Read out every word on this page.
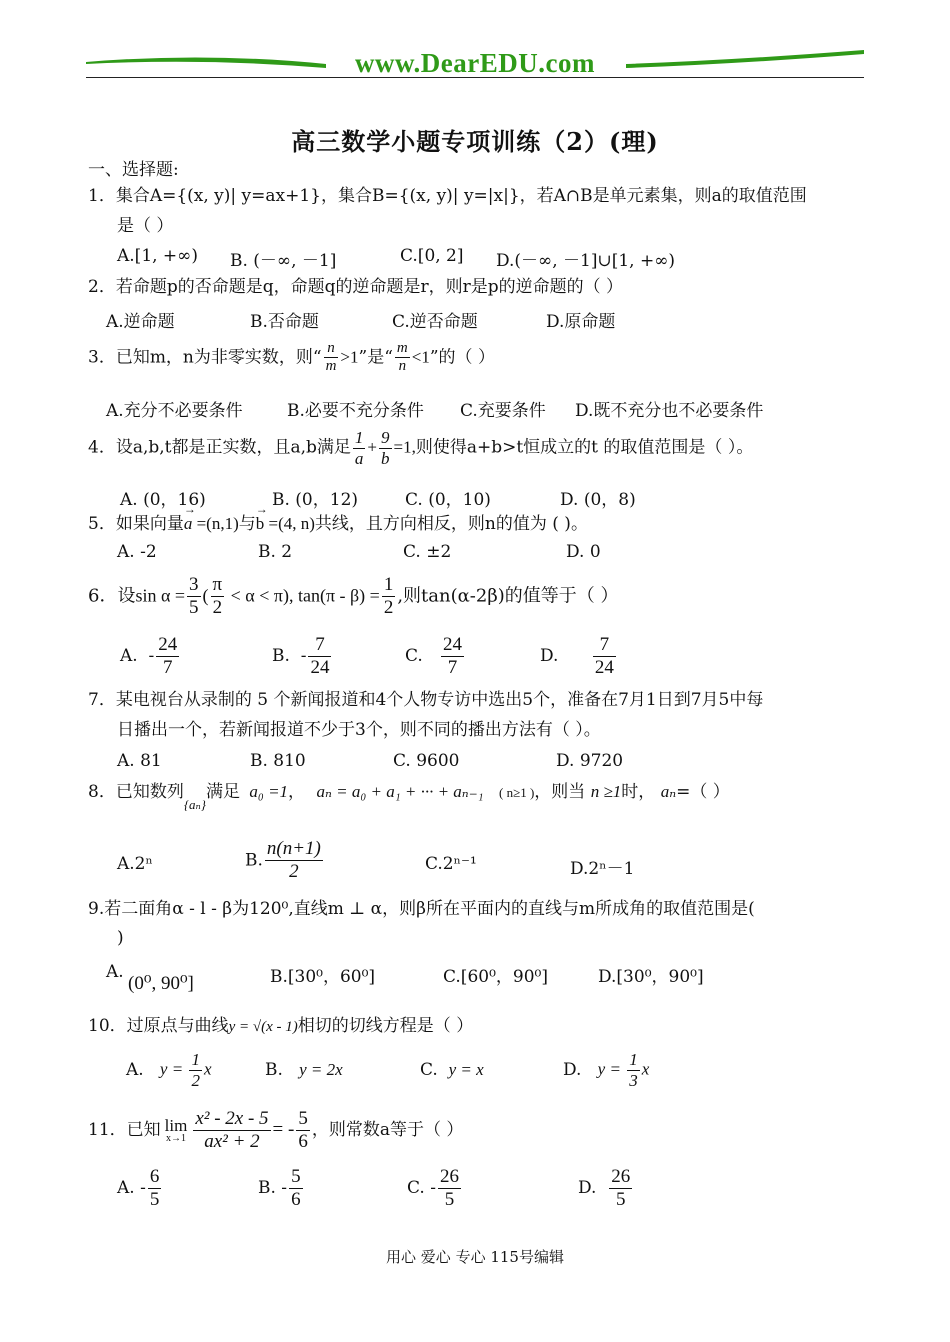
www.DearEDU.com
高三数学小题专项训练（2）(理)
一、选择题:
1．集合A={(x, y)| y=ax+1}，集合B={(x, y)| y=|x|}，若A∩B是单元素集，则a的取值范围
是（ ）
A.[1, +∞) B. (－∞, －1]	C.[0, 2] D.(－∞, －1]∪[1, +∞)
2．若命题p的否命题是q，命题q的逆命题是r，则r是p的逆命题的（ ）
A.逆命题	B.否命题	C.逆否命题	D.原命题
3．已知m，n为非零实数，则“ $\frac{n}{m} >1$”是“ $\frac{m}{n} <1$”的（ ）
A.充分不必要条件	B.必要不充分条件 C.充要条件 D.既不充分也不必要条件
4．设a,b,t都是正实数，且a,b满足 $\frac{1}{a} + \frac{9}{b} =1$,则使得a+b>t恒成立的t 的取值范围是（ ）。
A. (0，16)	B. (0，12)	C. (0，10)	D. (0，8)
5．如果向量→ a =(n,1)与→ b =(4, n)共线，且方向相反，则n的值为 ( )。
A. -2	B. 2	C. ±2	D. 0
6．设$\sin \alpha = \frac{3}{5}$ ( $\frac{\pi}{2} < \alpha < \pi$), $\tan(\pi - \beta) = \frac{1}{2}$ ,则tan(α-2β)的值等于（ ）
A. - $\frac{24}{7}$	B. - $\frac{7}{24}$	C. $\frac{24}{7}$	D. $\frac{7}{24}$
7．某电视台从录制的 5 个新闻报道和4个人物专访中选出5个，准备在7月1日到7月5中每
日播出一个，若新闻报道不少于3个，则不同的播出方法有（ ）。
A. 81	B. 810	C. 9600	D. 9720
8．已知数列$_{\{a_n\}}$满足 a₀ =1， aₙ = a₀ + a₁ + ··· + aₙ₋₁ ( n≥1 )，则当 n ≥1时， aₙ=（ ）
A.2ⁿ	B. $\frac{n(n+1)}{2}$	C.2ⁿ⁻¹	D.2ⁿ－1
9.若二面角α - l - β为120⁰,直线m ⊥ α，则β所在平面内的直线与m所成角的取值范围是(
)
A.
(0⁰, 90⁰]	B.[30⁰，60⁰]	C.[60⁰，90⁰]	D.[30⁰，90⁰]
10．过原点与曲线y = √(x - 1)相切的切线方程是（ ）
A. $y = \frac{1}{2}$ x	B. y = 2x	C. y = x	D. $y = \frac{1}{3}$ x
11．已知 lim
$x\to 1 \frac{\text{x² - 2x - 5}}{\text{ax² + 2}}$ = - $\frac{5}{6}$ ，则常数a等于（ ）
A. - $\frac{6}{5}$	B. - $\frac{5}{6}$	C. - $\frac{26}{5}$	D. $\frac{26}{5}$
用心 爱心 专心 115号编辑
